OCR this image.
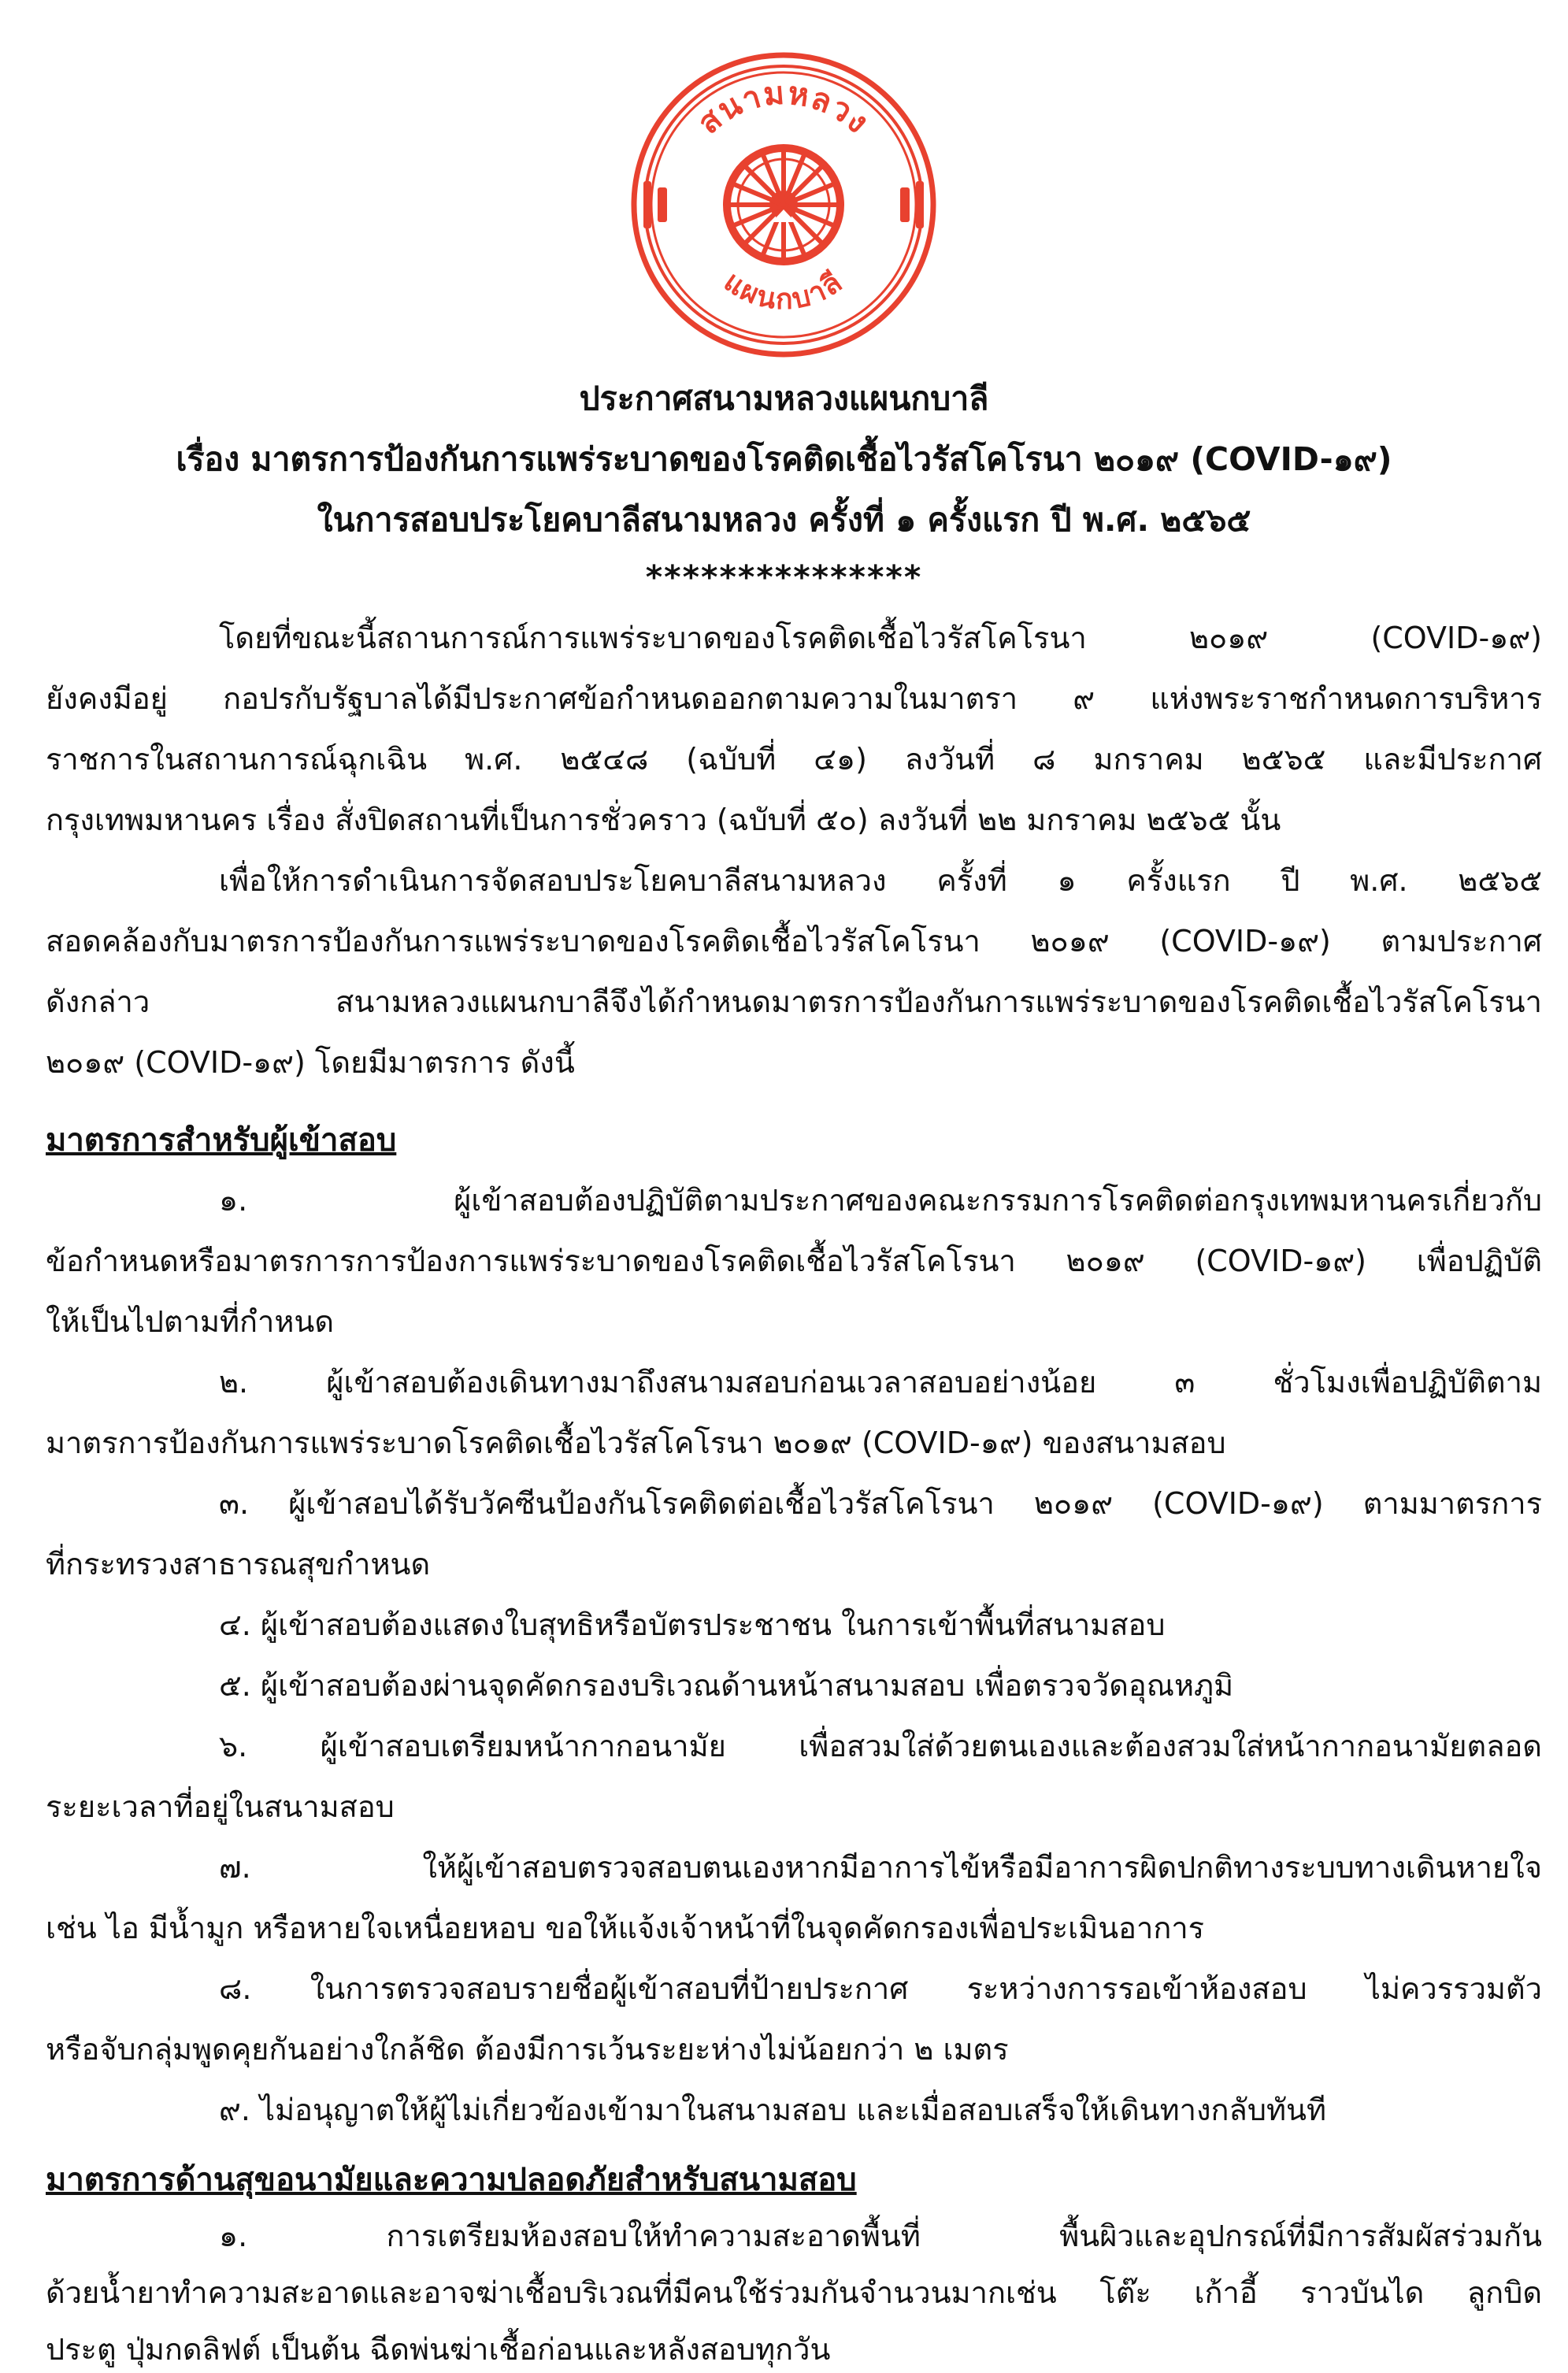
สนามหลวง
แผนกบาลี
ประกาศสนามหลวงแผนกบาลี
เรื่อง มาตรการป้องกันการแพร่ระบาดของโรคติดเชื้อไวรัสโคโรนา ๒๐๑๙ (COVID-๑๙)
ในการสอบประโยคบาลีสนามหลวง ครั้งที่ ๑ ครั้งแรก ปี พ.ศ. ๒๕๖๕
***************
โดยที่ขณะนี้สถานการณ์การแพร่ระบาดของโรคติดเชื้อไวรัสโคโรนา ๒๐๑๙ (COVID-๑๙)
ยังคงมีอยู่ กอปรกับรัฐบาลได้มีประกาศข้อกำหนดออกตามความในมาตรา ๙ แห่งพระราชกำหนดการบริหาร
ราชการในสถานการณ์ฉุกเฉิน พ.ศ. ๒๕๔๘ (ฉบับที่ ๔๑) ลงวันที่ ๘ มกราคม ๒๕๖๕ และมีประกาศ
กรุงเทพมหานคร เรื่อง สั่งปิดสถานที่เป็นการชั่วคราว (ฉบับที่ ๕๐) ลงวันที่ ๒๒ มกราคม ๒๕๖๕ นั้น
เพื่อให้การดำเนินการจัดสอบประโยคบาลีสนามหลวง ครั้งที่ ๑ ครั้งแรก ปี พ.ศ. ๒๕๖๕
สอดคล้องกับมาตรการป้องกันการแพร่ระบาดของโรคติดเชื้อไวรัสโคโรนา ๒๐๑๙ (COVID-๑๙) ตามประกาศ
ดังกล่าว สนามหลวงแผนกบาลีจึงได้กำหนดมาตรการป้องกันการแพร่ระบาดของโรคติดเชื้อไวรัสโคโรนา
๒๐๑๙ (COVID-๑๙) โดยมีมาตรการ ดังนี้
มาตรการสำหรับผู้เข้าสอบ
๑. ผู้เข้าสอบต้องปฏิบัติตามประกาศของคณะกรรมการโรคติดต่อกรุงเทพมหานครเกี่ยวกับ
ข้อกำหนดหรือมาตรการการป้องการแพร่ระบาดของโรคติดเชื้อไวรัสโคโรนา ๒๐๑๙ (COVID-๑๙) เพื่อปฏิบัติ
ให้เป็นไปตามที่กำหนด
๒. ผู้เข้าสอบต้องเดินทางมาถึงสนามสอบก่อนเวลาสอบอย่างน้อย ๓ ชั่วโมงเพื่อปฏิบัติตาม
มาตรการป้องกันการแพร่ระบาดโรคติดเชื้อไวรัสโคโรนา ๒๐๑๙ (COVID-๑๙) ของสนามสอบ
๓. ผู้เข้าสอบได้รับวัคซีนป้องกันโรคติดต่อเชื้อไวรัสโคโรนา ๒๐๑๙ (COVID-๑๙) ตามมาตรการ
ที่กระทรวงสาธารณสุขกำหนด
๔. ผู้เข้าสอบต้องแสดงใบสุทธิหรือบัตรประชาชน ในการเข้าพื้นที่สนามสอบ
๕. ผู้เข้าสอบต้องผ่านจุดคัดกรองบริเวณด้านหน้าสนามสอบ เพื่อตรวจวัดอุณหภูมิ
๖. ผู้เข้าสอบเตรียมหน้ากากอนามัย เพื่อสวมใส่ด้วยตนเองและต้องสวมใส่หน้ากากอนามัยตลอด
ระยะเวลาที่อยู่ในสนามสอบ
๗. ให้ผู้เข้าสอบตรวจสอบตนเองหากมีอาการไข้หรือมีอาการผิดปกติทางระบบทางเดินหายใจ
เช่น ไอ มีน้ำมูก หรือหายใจเหนื่อยหอบ ขอให้แจ้งเจ้าหน้าที่ในจุดคัดกรองเพื่อประเมินอาการ
๘. ในการตรวจสอบรายชื่อผู้เข้าสอบที่ป้ายประกาศ ระหว่างการรอเข้าห้องสอบ ไม่ควรรวมตัว
หรือจับกลุ่มพูดคุยกันอย่างใกล้ชิด ต้องมีการเว้นระยะห่างไม่น้อยกว่า ๒ เมตร
๙. ไม่อนุญาตให้ผู้ไม่เกี่ยวข้องเข้ามาในสนามสอบ และเมื่อสอบเสร็จให้เดินทางกลับทันที
มาตรการด้านสุขอนามัยและความปลอดภัยสำหรับสนามสอบ
๑. การเตรียมห้องสอบให้ทำความสะอาดพื้นที่ พื้นผิวและอุปกรณ์ที่มีการสัมผัสร่วมกัน
ด้วยน้ำยาทำความสะอาดและอาจฆ่าเชื้อบริเวณที่มีคนใช้ร่วมกันจำนวนมากเช่น โต๊ะ เก้าอี้ ราวบันได ลูกบิด
ประตู ปุ่มกดลิฟต์ เป็นต้น ฉีดพ่นฆ่าเชื้อก่อนและหลังสอบทุกวัน
